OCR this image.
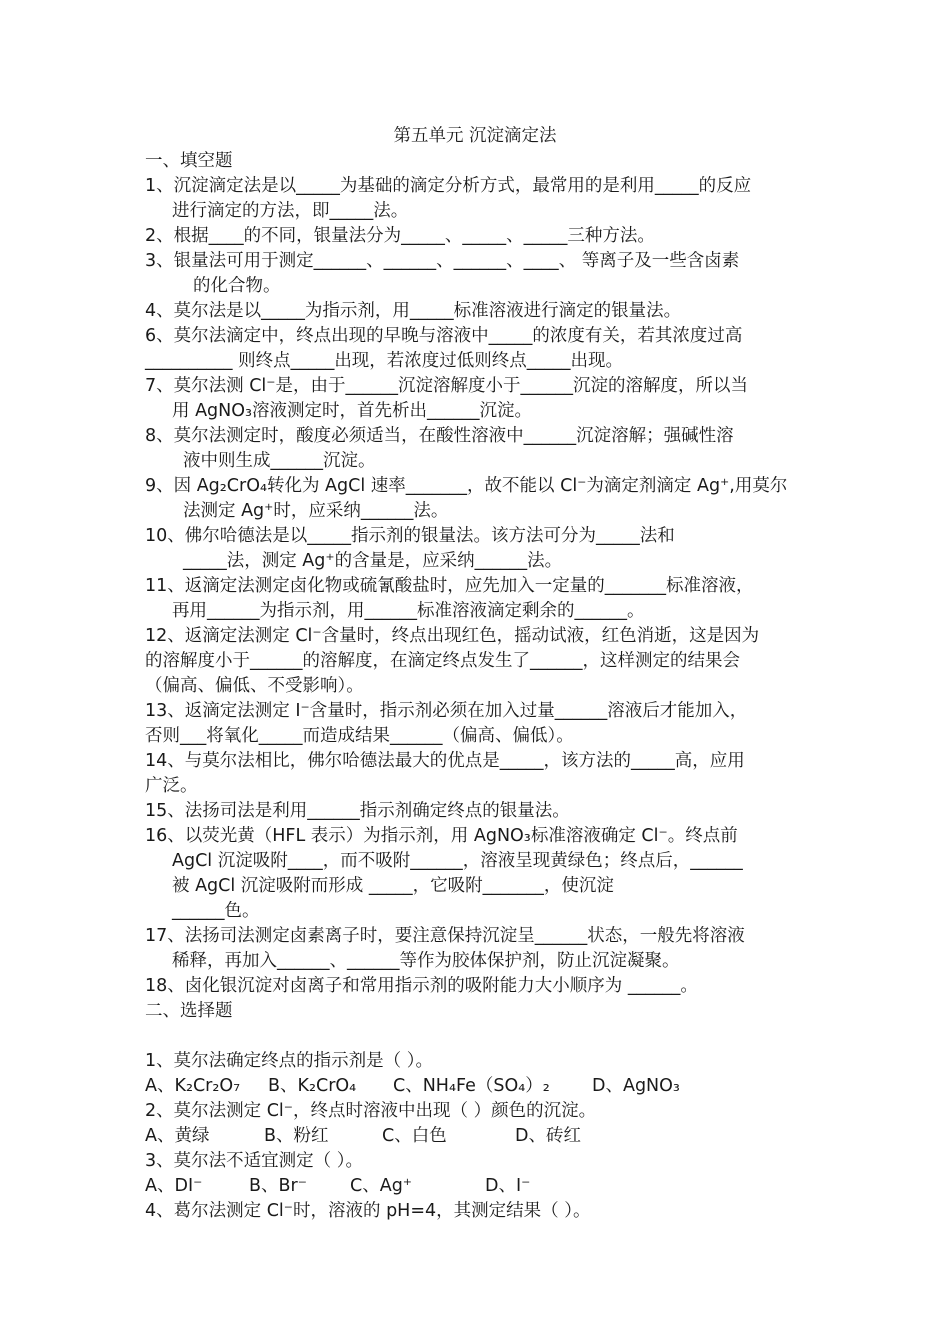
第五单元 沉淀滴定法
一、填空题
1、沉淀滴定法是以_____为基础的滴定分析方式，最常用的是利用_____的反应
进行滴定的方法，即_____法。
2、根据____的不同，银量法分为_____、_____、_____三种方法。
3、银量法可用于测定______、______、______、____、 等离子及一些含卤素
的化合物。
4、莫尔法是以_____为指示剂，用_____标准溶液进行滴定的银量法。
6、莫尔法滴定中，终点出现的早晚与溶液中_____的浓度有关，若其浓度过高
__________ 则终点_____出现，若浓度过低则终点_____出现。
7、莫尔法测 Cl⁻是，由于______沉淀溶解度小于______沉淀的溶解度，所以当
用 AgNO₃溶液测定时，首先析出______沉淀。
8、莫尔法测定时，酸度必须适当，在酸性溶液中______沉淀溶解；强碱性溶
液中则生成______沉淀。
9、因 Ag₂CrO₄转化为 AgCl 速率_______，故不能以 Cl⁻为滴定剂滴定 Ag⁺,用莫尔
法测定 Ag⁺时，应采纳______法。
10、佛尔哈德法是以_____指示剂的银量法。该方法可分为_____法和
_____法，测定 Ag⁺的含量是，应采纳______法。
11、返滴定法测定卤化物或硫氰酸盐时，应先加入一定量的_______标准溶液，
再用______为指示剂，用______标准溶液滴定剩余的______。
12、返滴定法测定 Cl⁻含量时，终点出现红色，摇动试液，红色消逝，这是因为
的溶解度小于______的溶解度，在滴定终点发生了______，这样测定的结果会
（偏高、偏低、不受影响）。
13、返滴定法测定 I⁻含量时，指示剂必须在加入过量______溶液后才能加入，
否则___将氧化_____而造成结果______（偏高、偏低）。
14、与莫尔法相比，佛尔哈德法最大的优点是_____，该方法的_____高，应用
广泛。
15、法扬司法是利用______指示剂确定终点的银量法。
16、以荧光黄（HFL 表示）为指示剂，用 AgNO₃标准溶液确定 Cl⁻。终点前
AgCl 沉淀吸附____，而不吸附______，溶液呈现黄绿色；终点后，______
被 AgCl 沉淀吸附而形成 _____，它吸附_______，使沉淀
______色。
17、法扬司法测定卤素离子时，要注意保持沉淀呈______状态，一般先将溶液
稀释，再加入______、______等作为胶体保护剂，防止沉淀凝聚。
18、卤化银沉淀对卤离子和常用指示剂的吸附能力大小顺序为 ______。
二、选择题
1、莫尔法确定终点的指示剂是（ ）。
2、莫尔法测定 Cl⁻，终点时溶液中出现（ ）颜色的沉淀。
3、莫尔法不适宜测定（ ）。
4、葛尔法测定 Cl⁻时，溶液的 pH=4，其测定结果（ ）。
A、K₂Cr₂O₇ B、K₂CrO₄ C、NH₄Fe（SO₄）₂ D、AgNO₃
A、黄绿	B、粉红	C、白色	D、砖红
A、DI⁻	B、Br⁻ C、Ag⁺	D、I⁻
